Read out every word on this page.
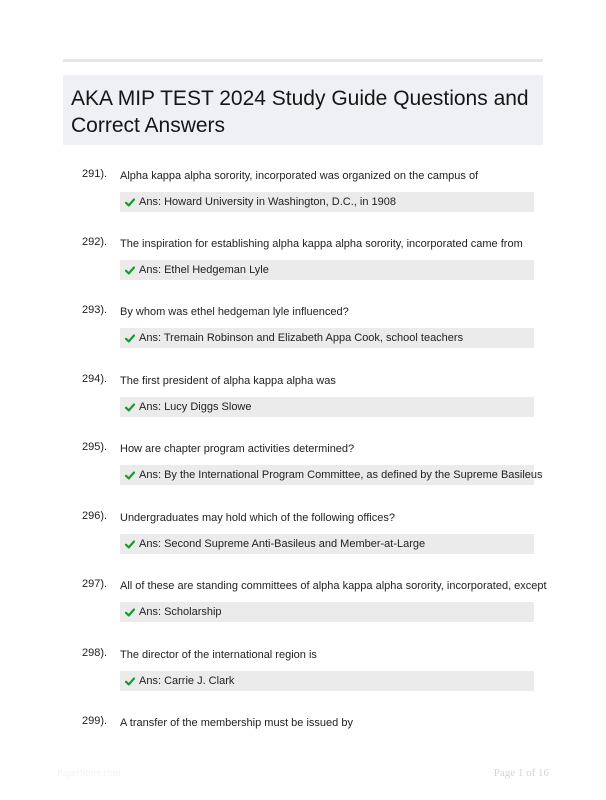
AKA MIP TEST 2024 Study Guide Questions and Correct Answers
291). Alpha kappa alpha sorority, incorporated was organized on the campus of
Ans: Howard University in Washington, D.C., in 1908
292). The inspiration for establishing alpha kappa alpha sorority, incorporated came from
Ans: Ethel Hedgeman Lyle
293). By whom was ethel hedgeman lyle influenced?
Ans: Tremain Robinson and Elizabeth Appa Cook, school teachers
294). The first president of alpha kappa alpha was
Ans: Lucy Diggs Slowe
295). How are chapter program activities determined?
Ans: By the International Program Committee, as defined by the Supreme Basileus
296). Undergraduates may hold which of the following offices?
Ans: Second Supreme Anti-Basileus and Member-at-Large
297). All of these are standing committees of alpha kappa alpha sorority, incorporated, except
Ans: Scholarship
298). The director of the international region is
Ans: Carrie J. Clark
299). A transfer of the membership must be issued by
PaperStore.com	Page 1 of 16
